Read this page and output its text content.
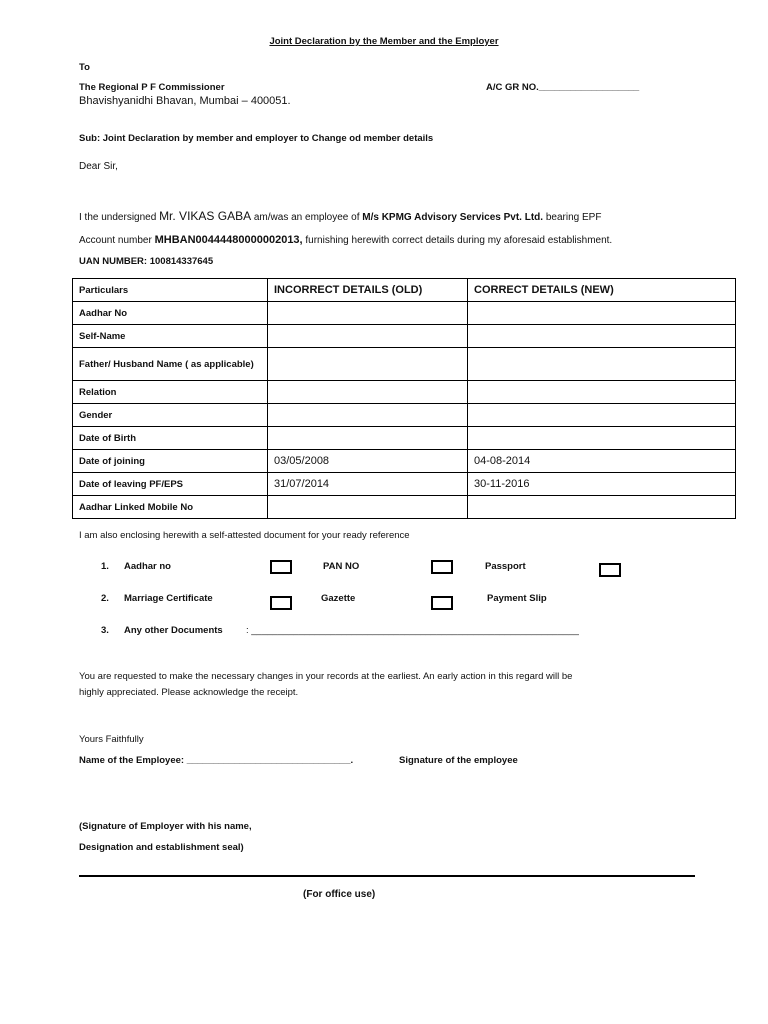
Joint Declaration by the Member and the Employer
To
The Regional P F Commissioner
Bhavishyanidhi Bhavan, Mumbai – 400051.
A/C GR NO.___________________
Sub: Joint Declaration by member and employer to Change od member details
Dear Sir,
I the undersigned Mr. VIKAS GABA am/was an employee of M/s KPMG Advisory Services Pvt. Ltd. bearing EPF
Account number MHBAN00444480000002013, furnishing herewith correct details during my aforesaid establishment.
UAN NUMBER: 100814337645
Particulars	INCORRECT DETAILS (OLD)	CORRECT DETAILS (NEW)
Aadhar No		
Self-Name		
Father/ Husband Name ( as applicable)		
Relation		
Gender		
Date of Birth		
Date of joining	03/05/2008	04-08-2014
Date of leaving PF/EPS	31/07/2014	30-11-2016
Aadhar Linked Mobile No		
I am also enclosing herewith a self-attested document for your ready reference
1. Aadhar no	PAN NO	Passport
2. Marriage Certificate	Gazette	Payment Slip
3. Any other Documents : ______________________________________________________________
You are requested to make the necessary changes in your records at the earliest. An early action in this regard will be
highly appreciated. Please acknowledge the receipt.
Yours Faithfully
Name of the Employee: _______________________________.	Signature of the employee
(Signature of Employer with his name,
Designation and establishment seal)
(For office use)
